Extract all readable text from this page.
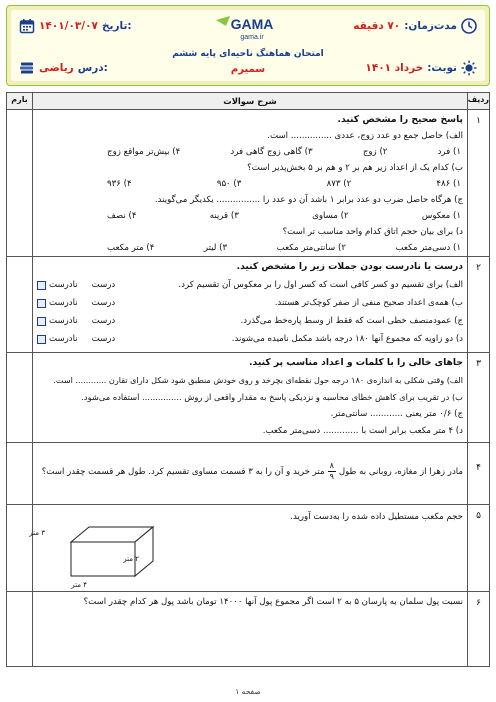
مدت‌زمان:
۷۰ دقیقه
۱۴۰۱/۰۳/۰۷ تاریخ:
نوبت:
خرداد ۱۴۰۱
ریاضی درس:
GAMA
gama.ir
امتحان هماهنگ ناحیه‌ای پایه ششم
سمیرم
ردیف
بارم	شرح سوالات
۱
پاسخ صحیح را مشخص کنید.
الف) حاصل جمع دو عدد زوج، عددی ............... است.
۱) فرد
۲) زوج
۳) گاهی زوج گاهی فرد
۴) بیش‌تر مواقع زوج
ب) کدام یک از اعداد زیر هم بر ۲ و هم بر ۵ بخش‌پذیر است؟
۱) ۴۸۶
۲) ۸۷۳
۳) ۹۵۰
۴) ۹۳۶
ج) هرگاه حاصل ضرب دو عدد برابر ۱ باشد آن دو عدد را ................ یکدیگر می‌گویند.
۱) معکوس
۲) مساوی
۳) قرینه
۴) نصف
د) برای بیان حجم اتاق کدام واحد مناسب تر است؟
۱) دسی‌متر مکعب
۲) سانتی‌متر مکعب
۳) لیتر
۴) متر مکعب
۲
درست یا نادرست بودن جملات زیر را مشخص کنید.
الف) برای تقسیم دو کسر کافی است که کسر اول را بر معکوس آن تقسیم کرد.
درست
نادرست
ب) همه‌ی اعداد صحیح منفی از صفر کوچک‌تر هستند.
درست
نادرست
ج) عمودمنصف خطی است که فقط از وسط پاره‌خط می‌گذرد.
درست
نادرست
د) دو زاویه که مجموع آنها ۱۸۰ درجه باشد مکمل نامیده می‌شوند.
درست
نادرست
۳
جاهای خالی را با کلمات و اعداد مناسب پر کنید.
الف) وقتی شکلی به اندازه‌ی ۱۸۰ درجه حول نقطه‌ای بچرخد و روی خودش منطبق شود شکل دارای تقارن ............ است.
ب) در تقریب برای کاهش خطای محاسبه و نزدیکی پاسخ به مقدار واقعی از روش ............... استفاده می‌شود.
ج) ۰/۶ متر یعنی ............ سانتی‌متر.
د) ۴ متر مکعب برابر است با ............. دسی‌متر مکعب.
۴
مادر زهرا از مغازه، روبانی به طول
۸
۹
متر خرید و آن را به ۳ قسمت مساوی تقسیم کرد. طول هر قسمت چقدر است؟
۵
حجم مکعب مستطیل داده شده را به‌دست آورید.
۳ متر
۲ متر
۴ متر
۶
نسبت پول سلمان به پارسان ۵ به ۲ است اگر مجموع پول آنها ۱۴۰۰۰ تومان باشد پول هر کدام چقدر است؟
صفحه ۱
